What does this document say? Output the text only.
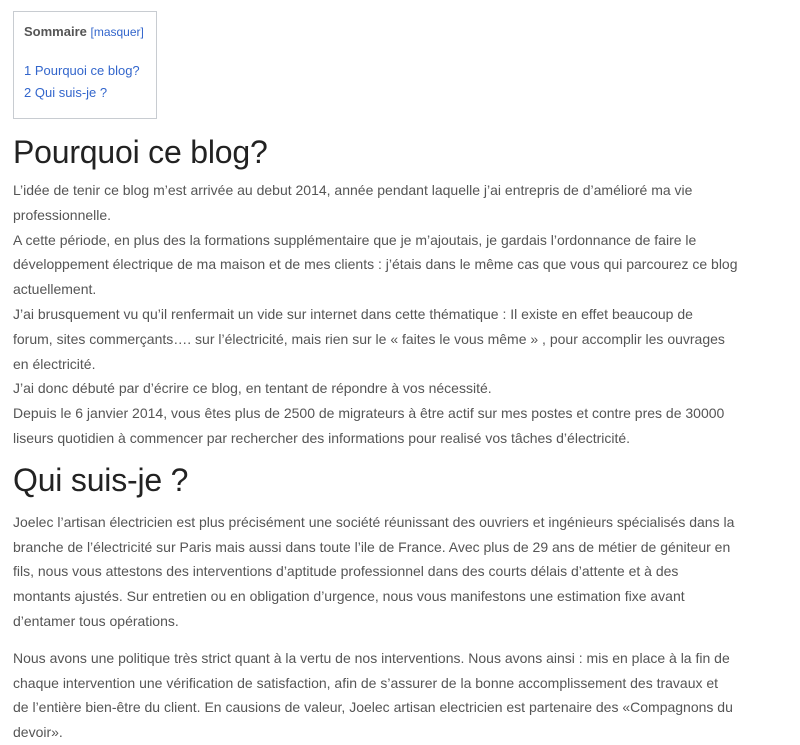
Sommaire [masquer]
1 Pourquoi ce blog?
2 Qui suis-je ?
Pourquoi ce blog?

L’idée de tenir ce blog m’est arrivée au debut 2014, année pendant laquelle j’ai entrepris de d’amélioré ma vie
professionnelle.
A cette période, en plus des la formations supplémentaire que je m’ajoutais, je gardais l’ordonnance de faire le
développement électrique de ma maison et de mes clients : j’étais dans le même cas que vous qui parcourez ce blog
actuellement.
J’ai brusquement vu qu’il renfermait un vide sur internet dans cette thématique : Il existe en effet beaucoup de
forum, sites commerçants…. sur l’électricité, mais rien sur le « faites le vous même » , pour accomplir les ouvrages
en électricité.
J’ai donc débuté par d’écrire ce blog, en tentant de répondre à vos nécessité.
Depuis le 6 janvier 2014, vous êtes plus de 2500 de migrateurs à être actif sur mes postes et contre pres de 30000
liseurs quotidien à commencer par rechercher des informations pour realisé vos tâches d’électricité.

Qui suis-je ?

Joelec l’artisan électricien est plus précisément une société réunissant des ouvriers et ingénieurs spécialisés dans la
branche de l’électricité sur Paris mais aussi dans toute l’ile de France. Avec plus de 29 ans de métier de géniteur en
fils, nous vous attestons des interventions d’aptitude professionnel dans des courts délais d’attente et à des
montants ajustés. Sur entretien ou en obligation d’urgence, nous vous manifestons une estimation fixe avant
d’entamer tous opérations.

Nous avons une politique très strict quant à la vertu de nos interventions. Nous avons ainsi : mis en place à la fin de
chaque intervention une vérification de satisfaction, afin de s’assurer de la bonne accomplissement des travaux et
de l’entière bien-être du client. En causions de valeur, Joelec artisan electricien est partenaire des «Compagnons du
devoir».
